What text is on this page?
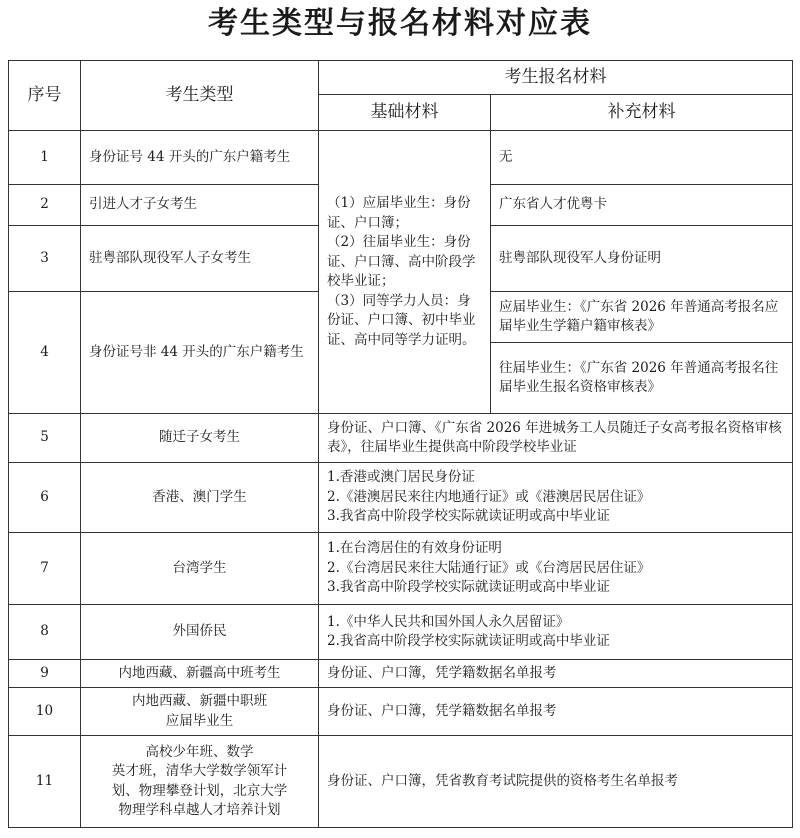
考生类型与报名材料对应表
序号	考生类型	考生报名材料	
		基础材料	补充材料
1	身份证号 44 开头的广东户籍考生	（1）应届毕业生：身份证、户口簿；
（2）往届毕业生：身份证、户口簿、高中阶段学校毕业证；
（3）同等学力人员：身份证、户口簿、初中毕业证、高中同等学力证明。	无
2	引进人才子女考生		广东省人才优粤卡
3	驻粤部队现役军人子女考生		驻粤部队现役军人身份证明
4	身份证号非 44 开头的广东户籍考生		应届毕业生：《广东省 2026 年普通高考报名应届毕业生学籍户籍审核表》
往届毕业生：《广东省 2026 年普通高考报名往届毕业生报名资格审核表》

5	随迁子女考生	身份证、户口簿、《广东省 2026 年进城务工人员随迁子女高考报名资格审核表》，往届毕业生提供高中阶段学校毕业证	

6	香港、澳门学生	1.香港或澳门居民身份证
2.《港澳居民来往内地通行证》或《港澳居民居住证》
3.我省高中阶段学校实际就读证明或高中毕业证	

7	台湾学生	1.在台湾居住的有效身份证明
2.《台湾居民来往大陆通行证》或《台湾居民居住证》
3.我省高中阶段学校实际就读证明或高中毕业证	

8	外国侨民	1.《中华人民共和国外国人永久居留证》
2.我省高中阶段学校实际就读证明或高中毕业证	

9	内地西藏、新疆高中班考生	身份证、户口簿，凭学籍数据名单报考	

10	内地西藏、新疆中职班
应届毕业生	身份证、户口簿，凭学籍数据名单报考	

11	高校少年班、数学
英才班，清华大学数学领军计
划、物理攀登计划，北京大学
物理学科卓越人才培养计划	身份证、户口簿，凭省教育考试院提供的资格考生名单报考	
